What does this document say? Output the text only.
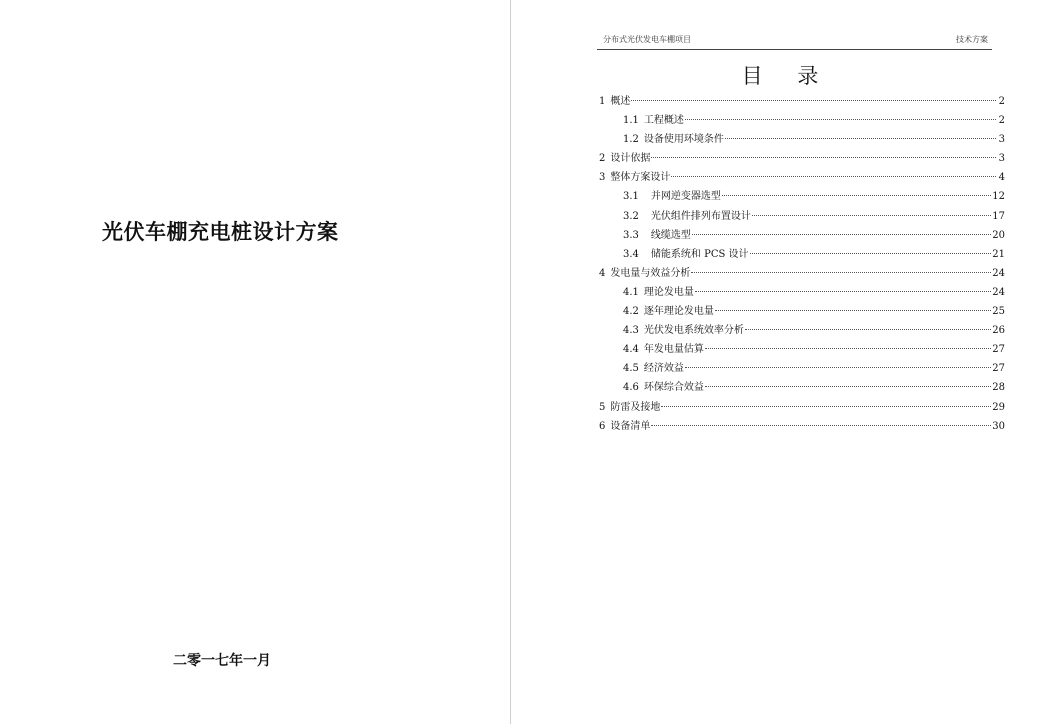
光伏车棚充电桩设计方案
二零一七年一月
分布式光伏发电车棚项目	技术方案
目 录
1 概述	2
1.1 工程概述	2
1.2 设备使用环境条件	3
2 设计依据	3
3 整体方案设计	4
3.1 并网逆变器选型	12
3.2 光伏组件排列布置设计	17
3.3 线缆选型	20
3.4 储能系统和 PCS 设计	21
4 发电量与效益分析	24
4.1 理论发电量	24
4.2 逐年理论发电量	25
4.3 光伏发电系统效率分析	26
4.4 年发电量估算	27
4.5 经济效益	27
4.6 环保综合效益	28
5 防雷及接地	29
6 设备清单	30
